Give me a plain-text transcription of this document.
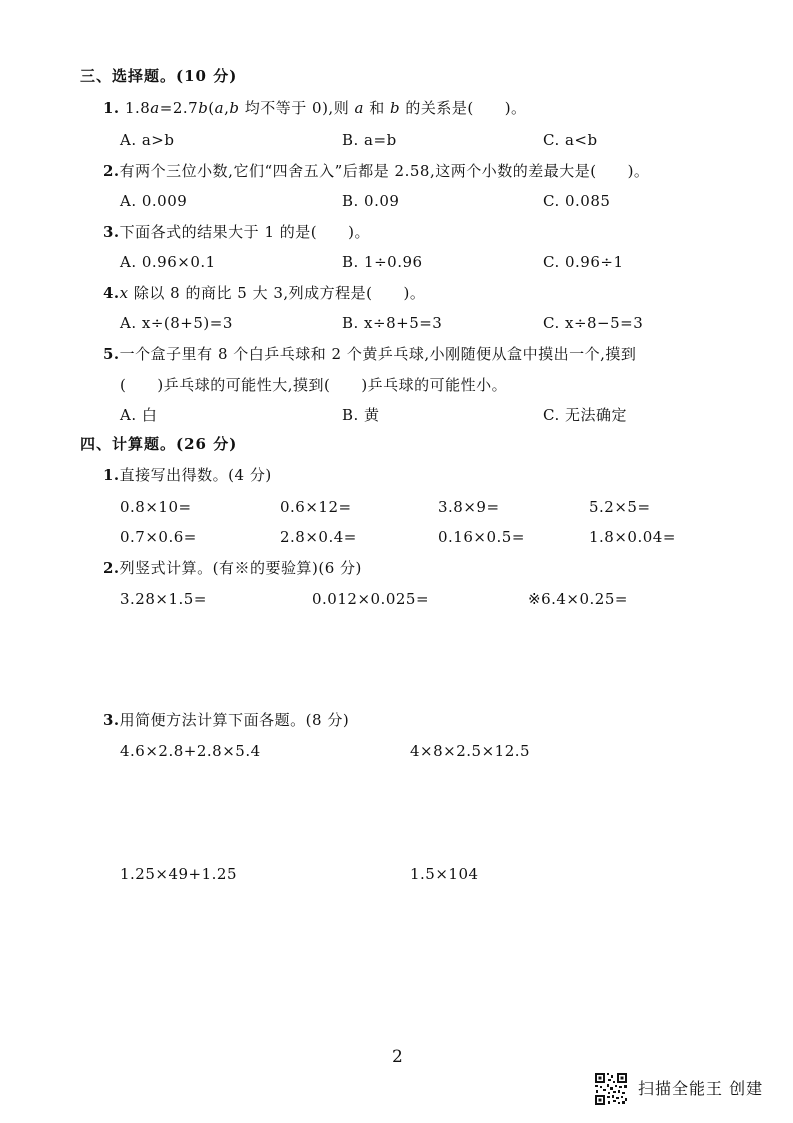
三、选择题。(10 分)
1. 1.8a=2.7b(a,b 均不等于 0),则 a 和 b 的关系是(　　)。
A. a>b	B. a=b	C. a<b
2.有两个三位小数,它们“四舍五入”后都是 2.58,这两个小数的差最大是(　　)。
A. 0.009	B. 0.09	C. 0.085
3.下面各式的结果大于 1 的是(　　)。
A. 0.96×0.1	B. 1÷0.96	C. 0.96÷1
4.x 除以 8 的商比 5 大 3,列成方程是(　　)。
A. x÷(8+5)=3	B. x÷8+5=3	C. x÷8−5=3
5.一个盒子里有 8 个白乒乓球和 2 个黄乒乓球,小刚随便从盒中摸出一个,摸到
(　　)乒乓球的可能性大,摸到(　　)乒乓球的可能性小。
A. 白	B. 黄	C. 无法确定
四、计算题。(26 分)
1.直接写出得数。(4 分)
0.8×10=	0.6×12=	3.8×9=	5.2×5=
0.7×0.6=	2.8×0.4=	0.16×0.5=	1.8×0.04=
2.列竖式计算。(有※的要验算)(6 分)
3.28×1.5=	0.012×0.025=	※6.4×0.25=
3.用简便方法计算下面各题。(8 分)
4.6×2.8+2.8×5.4	4×8×2.5×12.5
1.25×49+1.25	1.5×104
2
扫描全能王 创建
